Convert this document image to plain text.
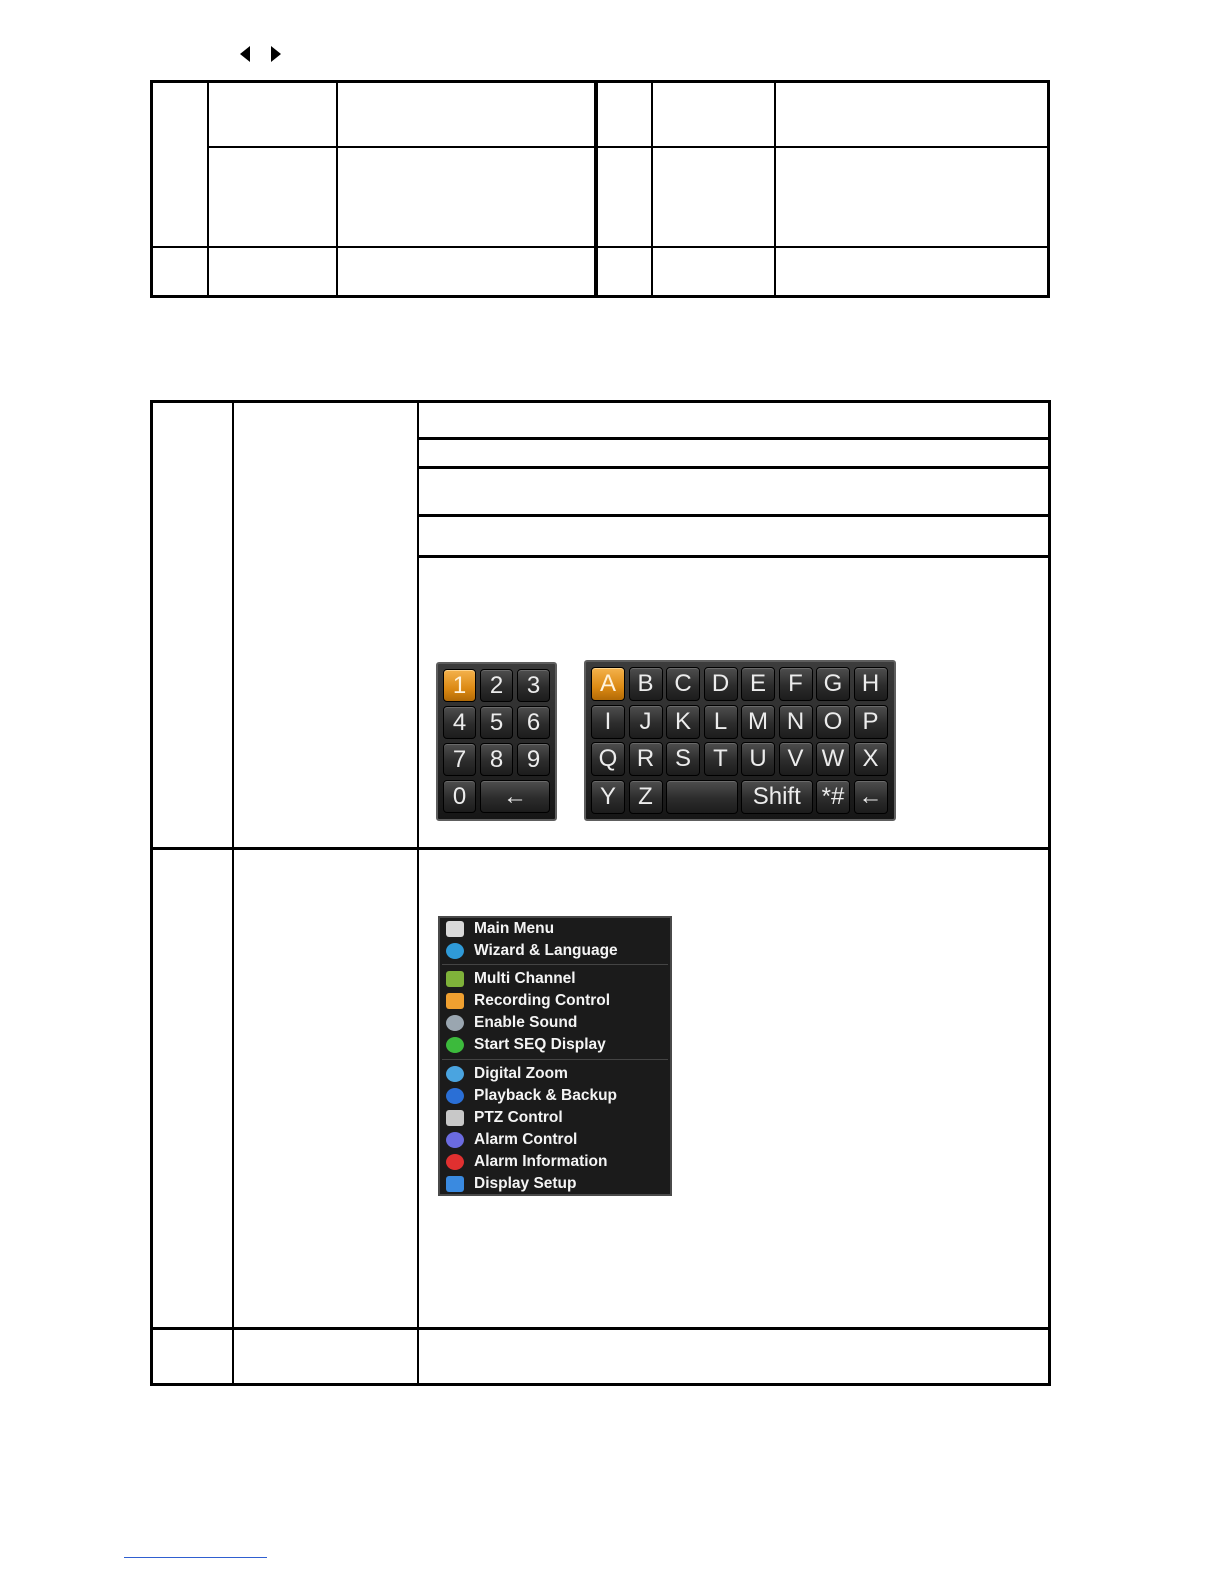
1 2 3
4 5 6
7 8 9
0	←
A B C D E F G H
I	J K L M N O P
Q R S T U V W X
Y Z	Shift *# ←
Main Menu
Wizard & Language
Multi Channel
Recording Control
Enable Sound
Start SEQ Display
Digital Zoom
Playback & Backup
PTZ Control
Alarm Control
Alarm Information
Display Setup
